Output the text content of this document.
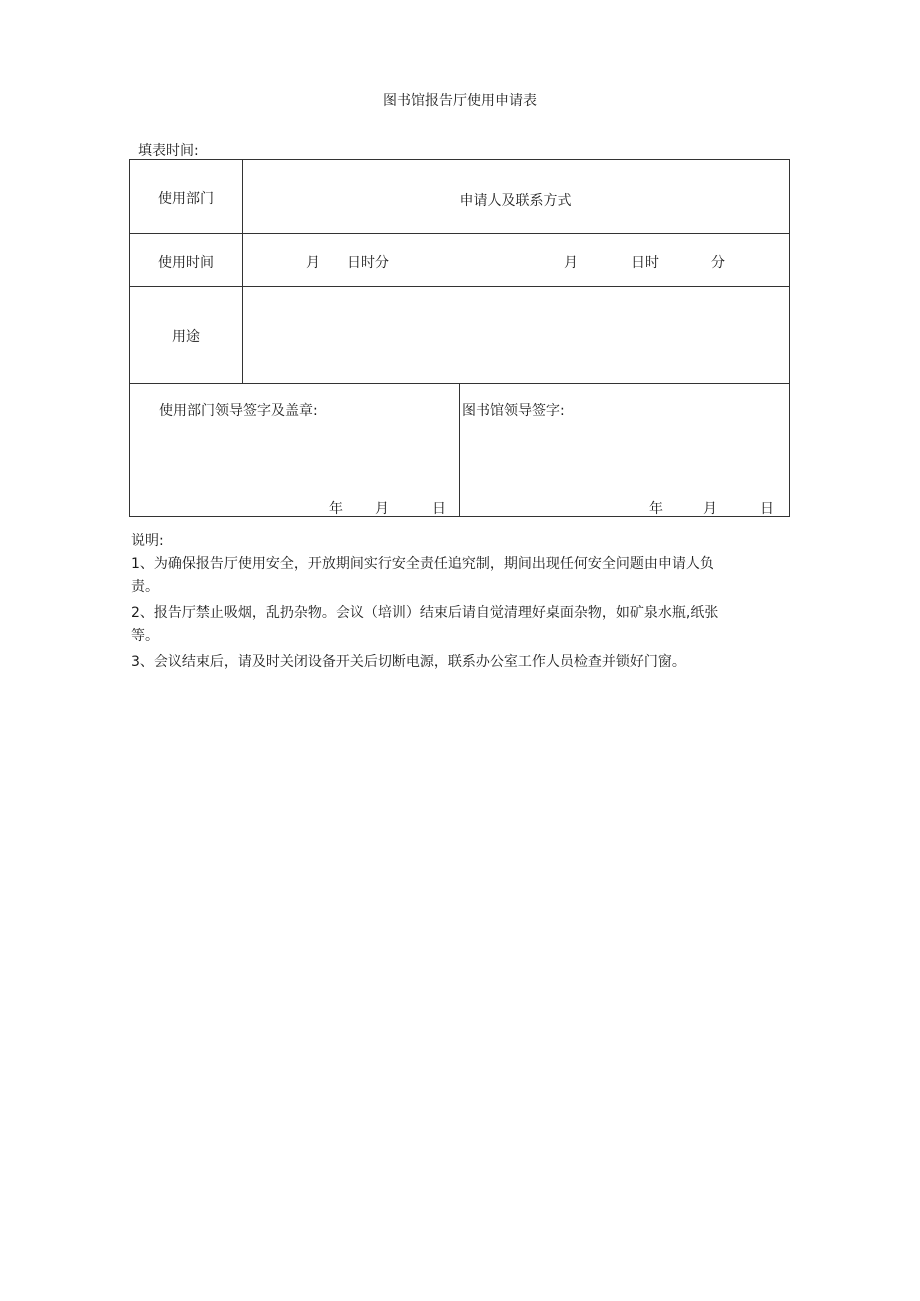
图书馆报告厅使用申请表
填表时间:
使用部门	申请人及联系方式
使用时间	月 日时分	月	日时	分
用途
使用部门领导签字及盖章:	图书馆领导签字:
年 月	日	年	月	日
说明:
1、为确保报告厅使用安全，开放期间实行安全责任追究制，期间出现任何安全问题由申请人负
责。
2、报告厅禁止吸烟，乱扔杂物。会议（培训）结束后请自觉清理好桌面杂物，如矿泉水瓶,纸张
等。
3、会议结束后，请及时关闭设备开关后切断电源，联系办公室工作人员检查并锁好门窗。
